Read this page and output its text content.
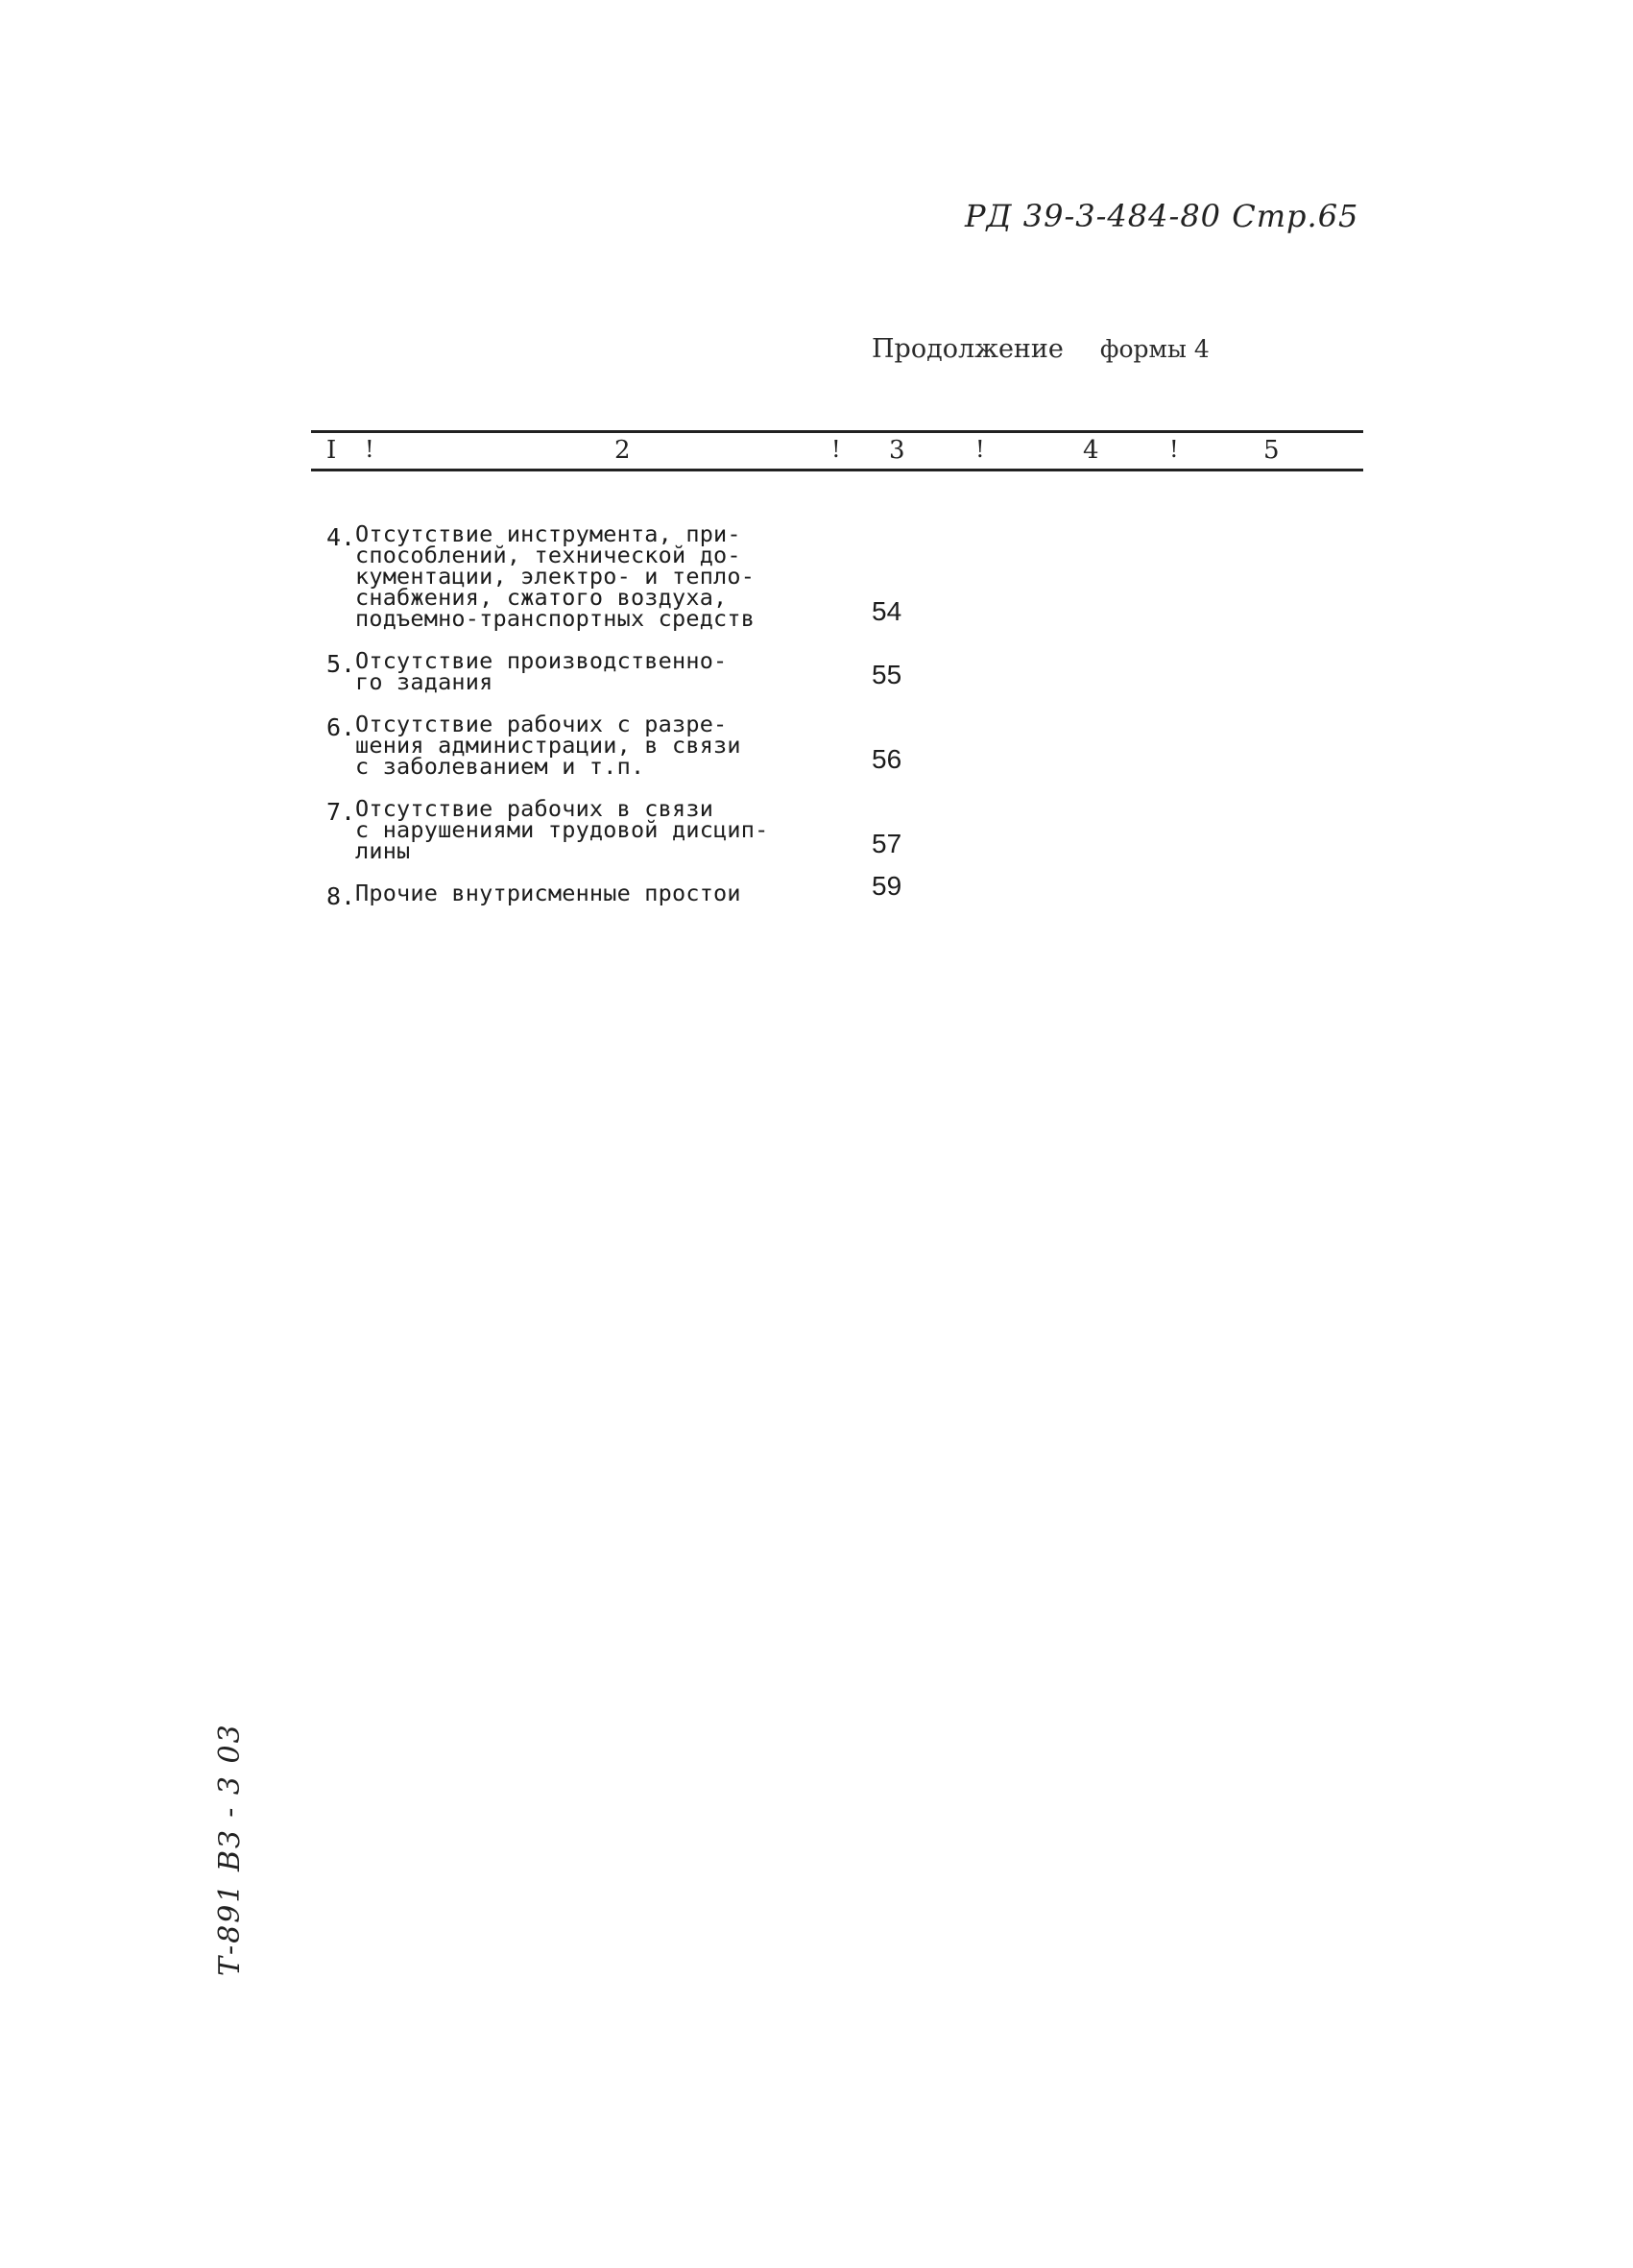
РД 39-3-484-80 Стр.65
Продолжение формы 4
I !	2	! 3	!	4	!	5
4. Отсутствие инструмента, при-
способлений, технической до-
кументации, электро- и тепло-
снабжения, сжатого воздуха,
подъемно-транспортных средств	54
5. Отсутствие производственно-
го задания	55
6. Отсутствие рабочих с разре-
шения администрации, в связи
с заболеванием и т.п.	56
7. Отсутствие рабочих в связи
с нарушениями трудовой дисцип-
лины	57
8. Прочие внутрисменные простои	59
Т-891 ВЗ - 3 03
